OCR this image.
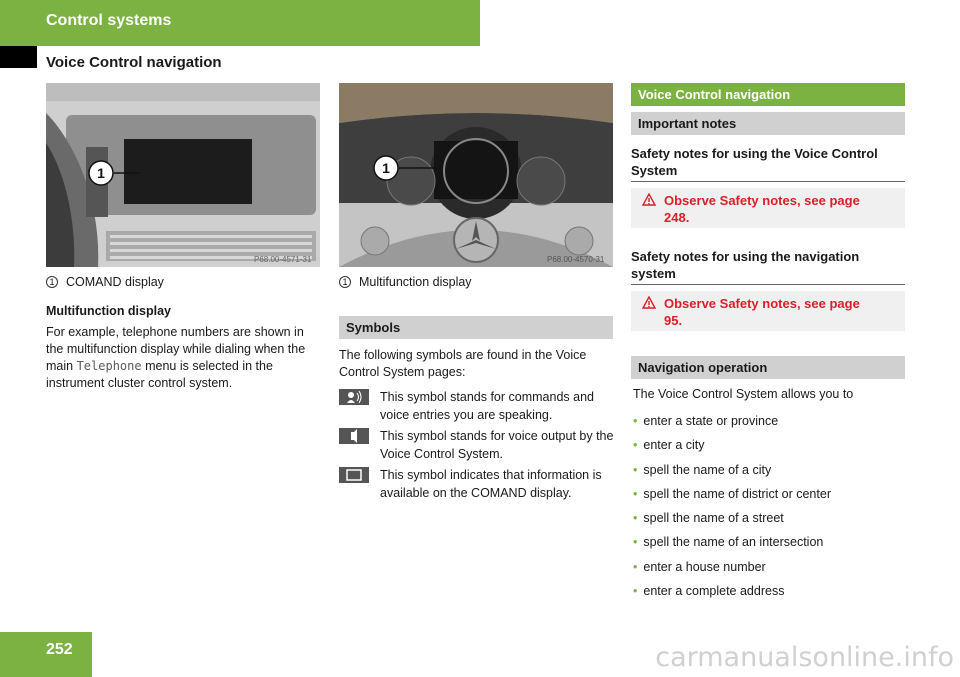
Control systems
Voice Control navigation
1
P68.00-4571-31
1 COMAND display
1
P68.00-4570-31
1 Multifunction display
Multifunction display
For example, telephone numbers are shown in the multifunction display while dialing when the main Telephone menu is selected in the instrument cluster control system.
Symbols
The following symbols are found in the Voice Control System pages:
This symbol stands for commands and voice entries you are speaking.
This symbol stands for voice output by the Voice Control System.
This symbol indicates that information is available on the COMAND display.
Voice Control navigation
Important notes
Safety notes for using the Voice Control System
Observe Safety notes, see page 248.
Safety notes for using the navigation system
Observe Safety notes, see page 95.
Navigation operation
The Voice Control System allows you to
• enter a state or province
• enter a city
• spell the name of a city
• spell the name of district or center
• spell the name of a street
• spell the name of an intersection
• enter a house number
• enter a complete address
252	carmanualsonline.info
